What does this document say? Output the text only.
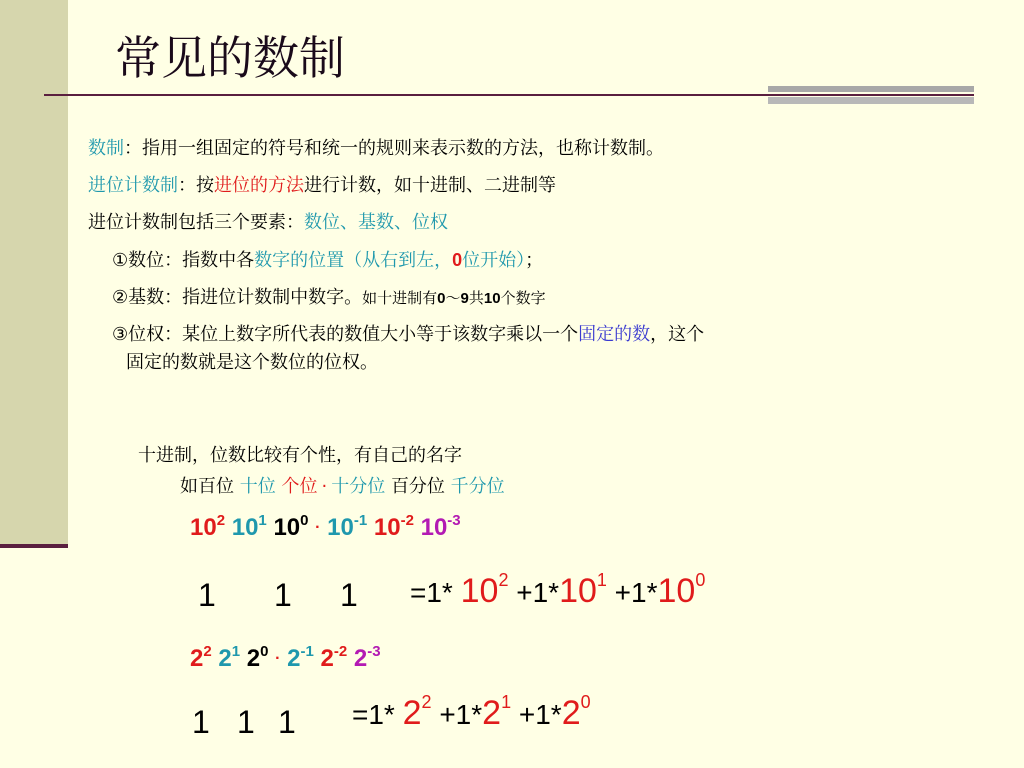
常见的数制
数制：指用一组固定的符号和统一的规则来表示数的方法，也称计数制。
进位计数制：按进位的方法进行计数，如十进制、二进制等
进位计数制包括三个要素：数位、基数、位权
①数位：指数中各数字的位置（从右到左，0位开始）；
②基数：指进位计数制中数字。如十进制有0～9共10个数字
③位权：某位上数字所代表的数值大小等于该数字乘以一个固定的数，这个
固定的数就是这个数位的位权。
十进制，位数比较有个性，有自己的名字
如百位 十位 个位 · 十分位 百分位 千分位
$10^2$ $10^1$ $10^0 \cdot 10^{-1}$ $10^{-2}$ $10^{-3}$
1 1 1 =1* $10^2 +1*10^1 +1*10^0$
$2^2$ $2^1$ $2^0 \cdot 2^{-1}$ $2^{-2}$ $2^{-3}$
1 1 1 =1* $2^2 +1*2^1 +1*2^0$
